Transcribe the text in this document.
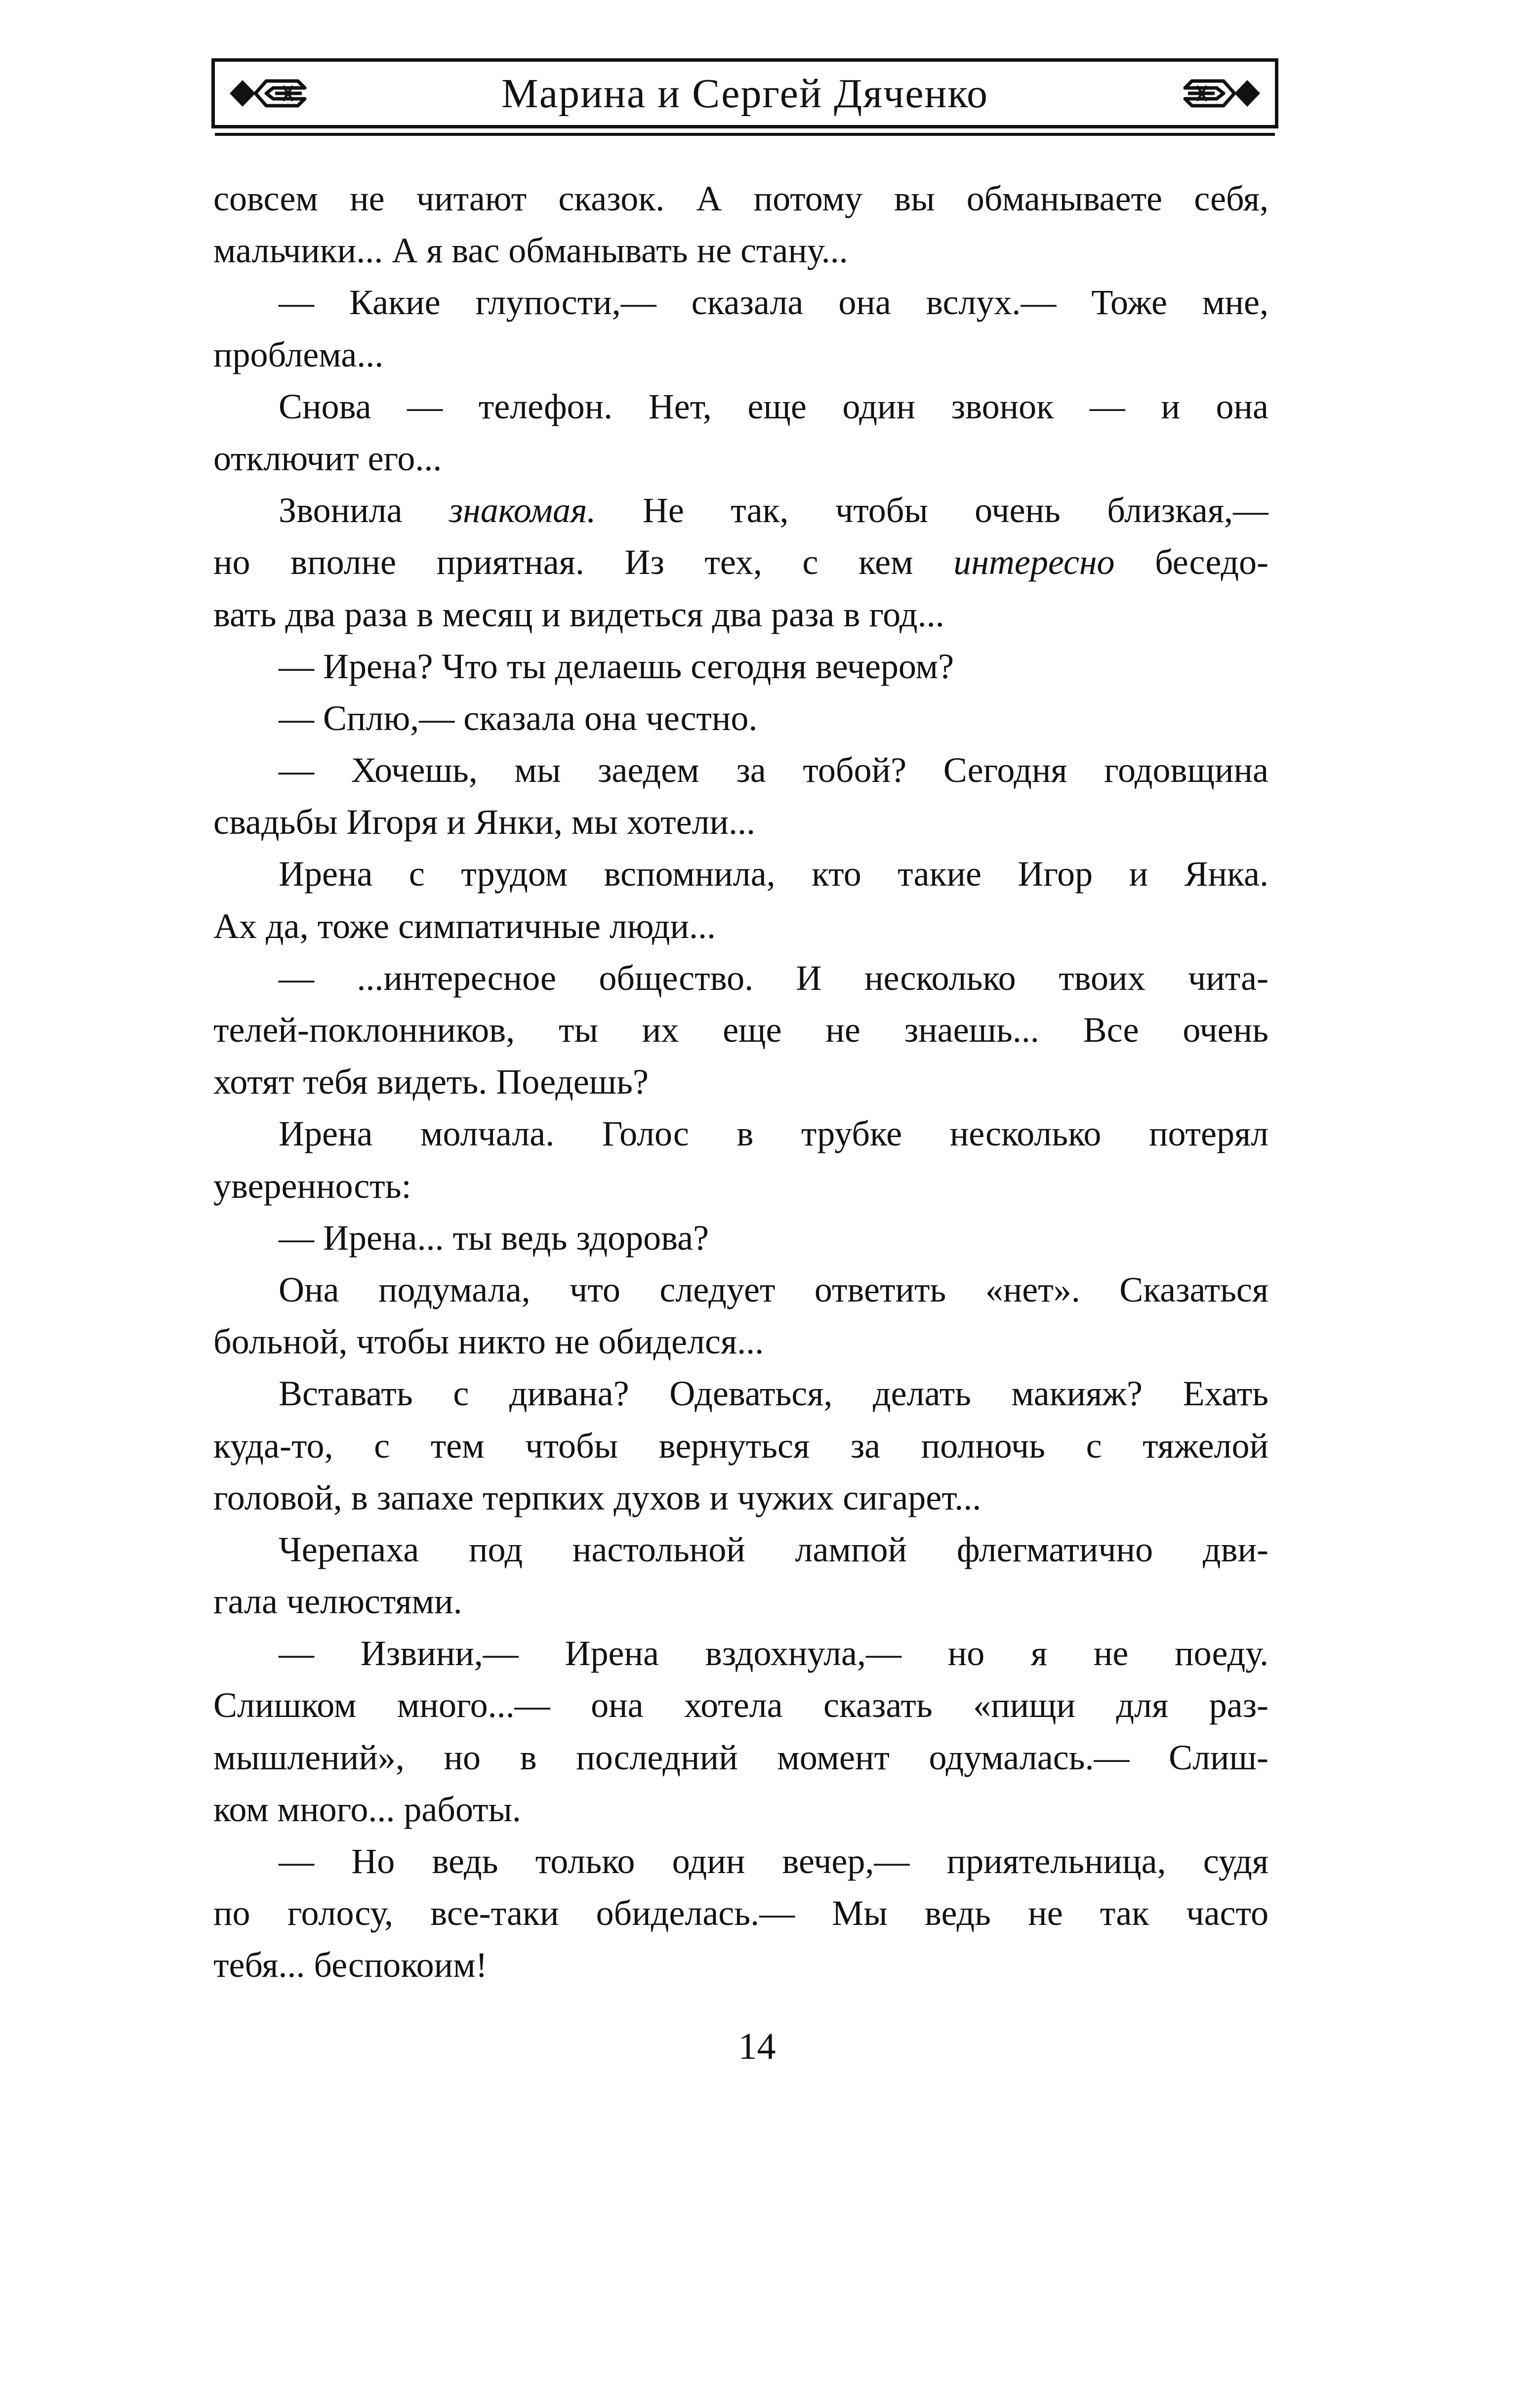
Марина и Сергей Дяченко
совсем не читают сказок. А потому вы обманываете себя,
мальчики... А я вас обманывать не стану...
— Какие глупости,— сказала она вслух.— Тоже мне,
проблема...
Снова — телефон. Нет, еще один звонок — и она
отключит его...
Звонила знакомая. Не так, чтобы очень близкая,—
но вполне приятная. Из тех, с кем интересно беседо-
вать два раза в месяц и видеться два раза в год...
— Ирена? Что ты делаешь сегодня вечером?
— Сплю,— сказала она честно.
— Хочешь, мы заедем за тобой? Сегодня годовщина
свадьбы Игоря и Янки, мы хотели...
Ирена с трудом вспомнила, кто такие Игор и Янка.
Ах да, тоже симпатичные люди...
— ...интересное общество. И несколько твоих чита-
телей-поклонников, ты их еще не знаешь... Все очень
хотят тебя видеть. Поедешь?
Ирена молчала. Голос в трубке несколько потерял
уверенность:
— Ирена... ты ведь здорова?
Она подумала, что следует ответить «нет». Сказаться
больной, чтобы никто не обиделся...
Вставать с дивана? Одеваться, делать макияж? Ехать
куда-то, с тем чтобы вернуться за полночь с тяжелой
головой, в запахе терпких духов и чужих сигарет...
Черепаха под настольной лампой флегматично дви-
гала челюстями.
— Извини,— Ирена вздохнула,— но я не поеду.
Слишком много...— она хотела сказать «пищи для раз-
мышлений», но в последний момент одумалась.— Слиш-
ком много... работы.
— Но ведь только один вечер,— приятельница, судя
по голосу, все-таки обиделась.— Мы ведь не так часто
тебя... беспокоим!
14
